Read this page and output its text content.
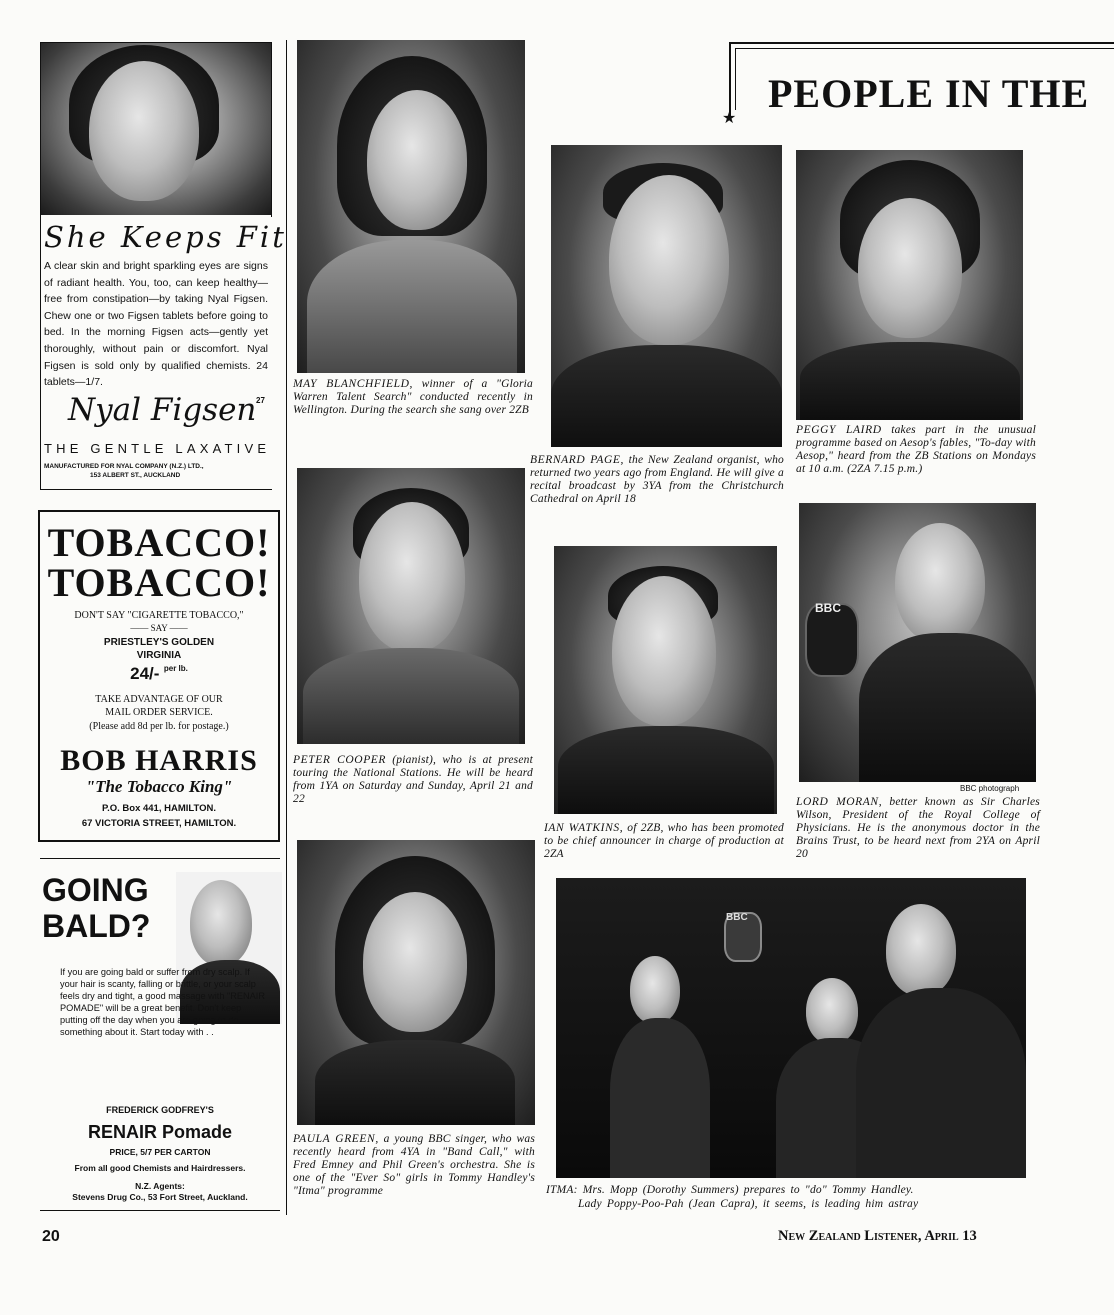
★
PEOPLE IN THE
She Keeps Fit
A clear skin and bright sparkling eyes are signs of radiant health. You, too, can keep healthy—free from constipation—by taking Nyal Figsen. Chew one or two Figsen tablets before going to bed. In the morning Figsen acts—gently yet thoroughly, without pain or discomfort. Nyal Figsen is sold only by qualified chemists. 24 tablets—1/7.
Nyal Figsen 27
THE GENTLE LAXATIVE
MANUFACTURED FOR NYAL COMPANY (N.Z.) LTD.,
153 ALBERT ST., AUCKLAND
TOBACCO!
TOBACCO!
DON'T SAY "CIGARETTE TOBACCO,"
—— SAY ——
PRIESTLEY'S GOLDEN
VIRGINIA
24/- $^{per lb.}$
TAKE ADVANTAGE OF OUR
MAIL ORDER SERVICE.
(Please add 8d per lb. for postage.)
BOB HARRIS
"The Tobacco King"
P.O. Box 441, HAMILTON.
67 VICTORIA STREET, HAMILTON.
GOING
BALD?
If you are going bald or suffer from dry scalp. If your hair is scanty, falling or brittle, or your scalp feels dry and tight, a good massage with "RENAIR POMADE" will be a great benefit. Don't keep putting off the day when you are going to do something about it. Start today with . .
FREDERICK GODFREY'S
RENAIR Pomade
PRICE, 5/7 PER CARTON
From all good Chemists and Hairdressers.
N.Z. Agents:
Stevens Drug Co., 53 Fort Street, Auckland.
MAY BLANCHFIELD, winner of a "Gloria Warren Talent Search" conducted recently in Wellington. During the search she sang over 2ZB
PETER COOPER (pianist), who is at present touring the National Stations. He will be heard from 1YA on Saturday and Sunday, April 21 and 22
PAULA GREEN, a young BBC singer, who was recently heard from 4YA in "Band Call," with Fred Emney and Phil Green's orchestra. She is one of the "Ever So" girls in Tommy Handley's "Itma" programme
BERNARD PAGE, the New Zealand organist, who returned two years ago from England. He will give a recital broadcast by 3YA from the Christchurch Cathedral on April 18
IAN WATKINS, of 2ZB, who has been promoted to be chief announcer in charge of production at 2ZA
PEGGY LAIRD takes part in the unusual programme based on Aesop's fables, "To-day with Aesop," heard from the ZB Stations on Mondays at 10 a.m. (2ZA 7.15 p.m.)
BBC
BBC photograph
LORD MORAN, better known as Sir Charles Wilson, President of the Royal College of Physicians. He is the anonymous doctor in the Brains Trust, to be heard next from 2YA on April 20
BBC
ITMA: Mrs. Mopp (Dorothy Summers) prepares to "do" Tommy Handley.
Lady Poppy-Poo-Pah (Jean Capra), it seems, is leading him astray
20	New Zealand Listener, April 13
